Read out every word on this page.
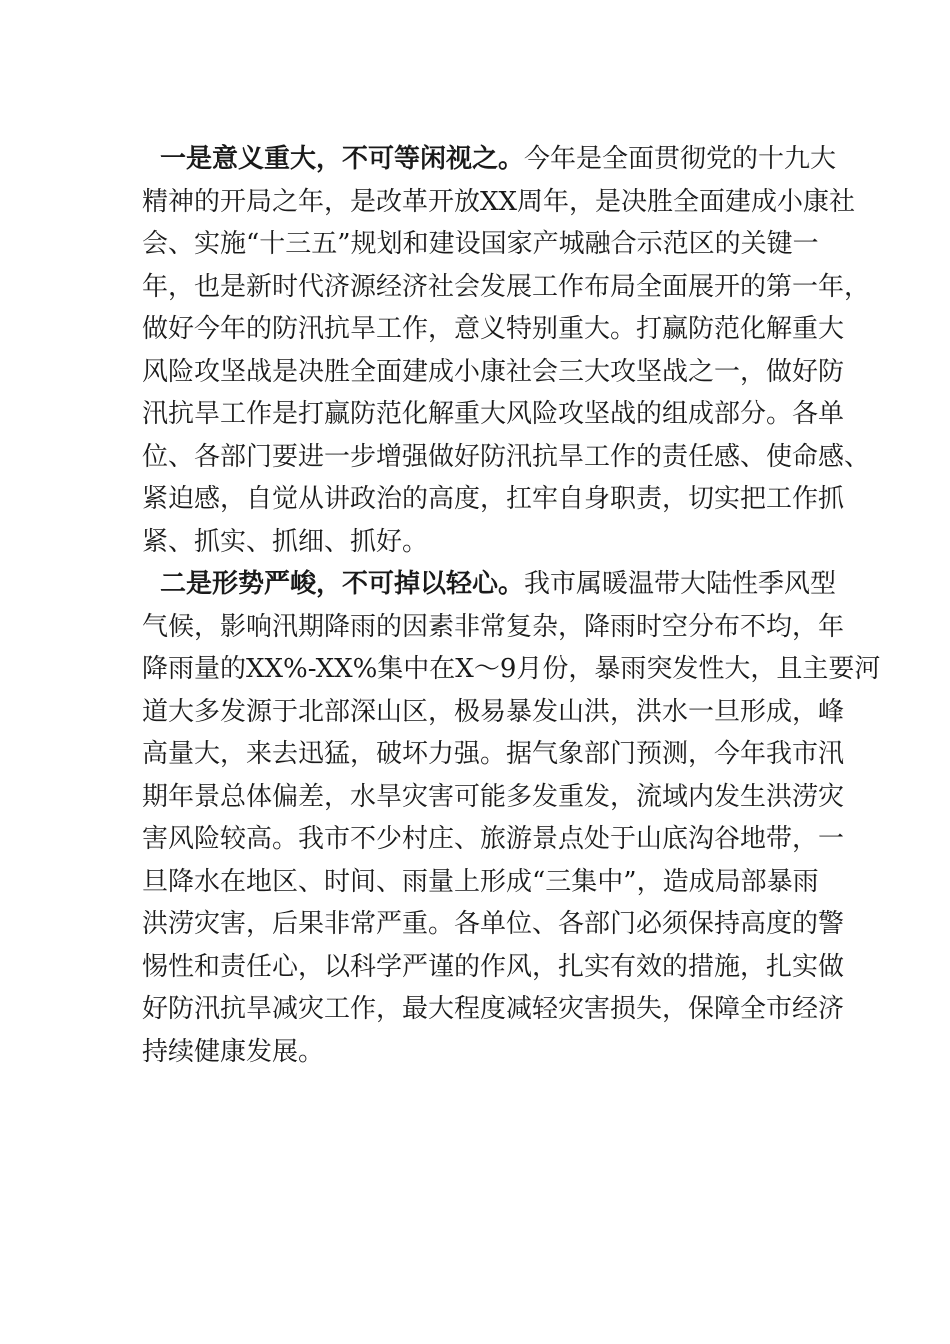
一是意义重大，不可等闲视之。今年是全面贯彻党的十九大
精神的开局之年，是改革开放XX周年，是决胜全面建成小康社
会、实施“十三五”规划和建设国家产城融合示范区的关键一
年，也是新时代济源经济社会发展工作布局全面展开的第一年，
做好今年的防汛抗旱工作，意义特别重大。打赢防范化解重大
风险攻坚战是决胜全面建成小康社会三大攻坚战之一，做好防
汛抗旱工作是打赢防范化解重大风险攻坚战的组成部分。各单
位、各部门要进一步增强做好防汛抗旱工作的责任感、使命感、
紧迫感，自觉从讲政治的高度，扛牢自身职责，切实把工作抓
紧、抓实、抓细、抓好。

二是形势严峻，不可掉以轻心。我市属暖温带大陆性季风型
气候，影响汛期降雨的因素非常复杂，降雨时空分布不均，年
降雨量的XX%-XX%集中在X～9月份，暴雨突发性大，且主要河
道大多发源于北部深山区，极易暴发山洪，洪水一旦形成，峰
高量大，来去迅猛，破坏力强。据气象部门预测，今年我市汛
期年景总体偏差，水旱灾害可能多发重发，流域内发生洪涝灾
害风险较高。我市不少村庄、旅游景点处于山底沟谷地带，一
旦降水在地区、时间、雨量上形成“三集中”，造成局部暴雨
洪涝灾害，后果非常严重。各单位、各部门必须保持高度的警
惕性和责任心，以科学严谨的作风，扎实有效的措施，扎实做
好防汛抗旱减灾工作，最大程度减轻灾害损失，保障全市经济
持续健康发展。
